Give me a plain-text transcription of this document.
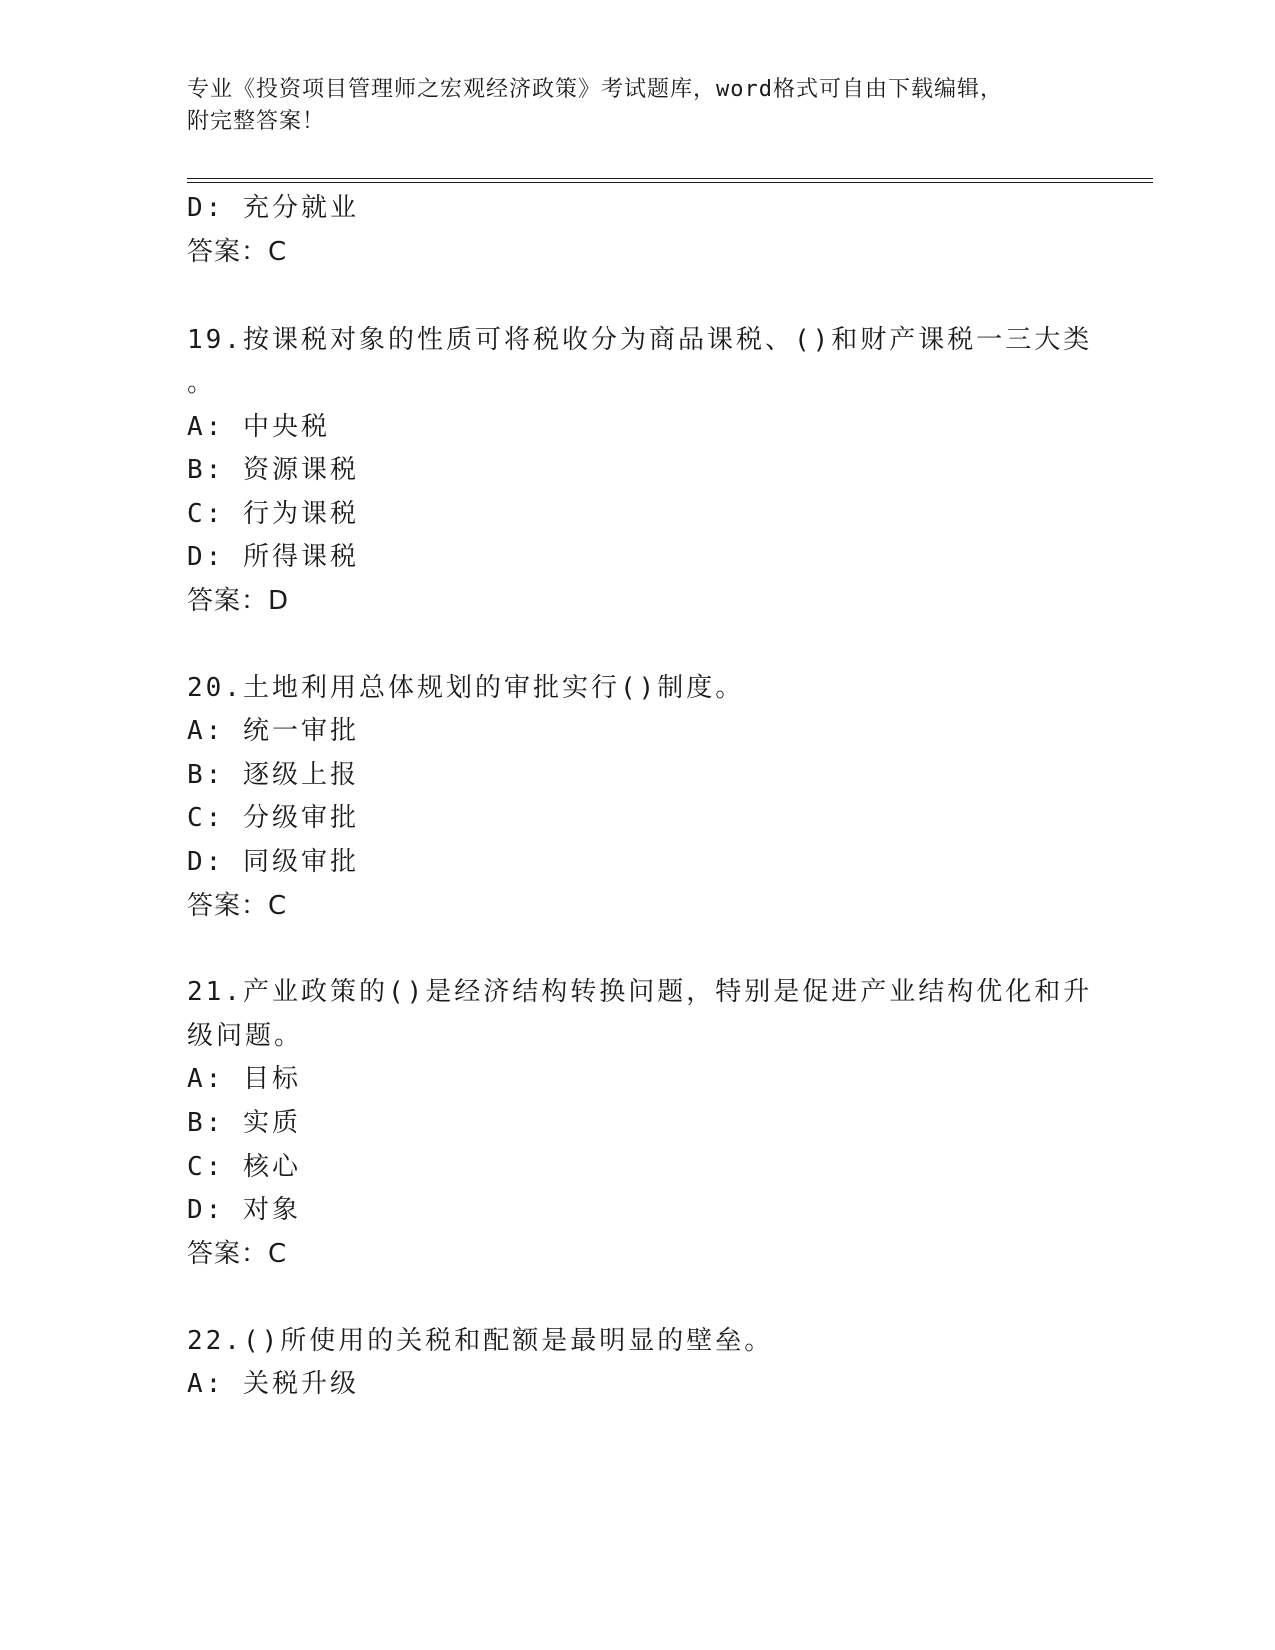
专业《投资项目管理师之宏观经济政策》考试题库，word格式可自由下载编辑，
附完整答案！
D: 充分就业
答案：C
19.按课税对象的性质可将税收分为商品课税、()和财产课税一三大类
。
A: 中央税
B: 资源课税
C: 行为课税
D: 所得课税
答案：D
20.土地利用总体规划的审批实行()制度。
A: 统一审批
B: 逐级上报
C: 分级审批
D: 同级审批
答案：C
21.产业政策的()是经济结构转换问题，特别是促进产业结构优化和升
级问题。
A: 目标
B: 实质
C: 核心
D: 对象
答案：C
22.()所使用的关税和配额是最明显的壁垒。
A: 关税升级
